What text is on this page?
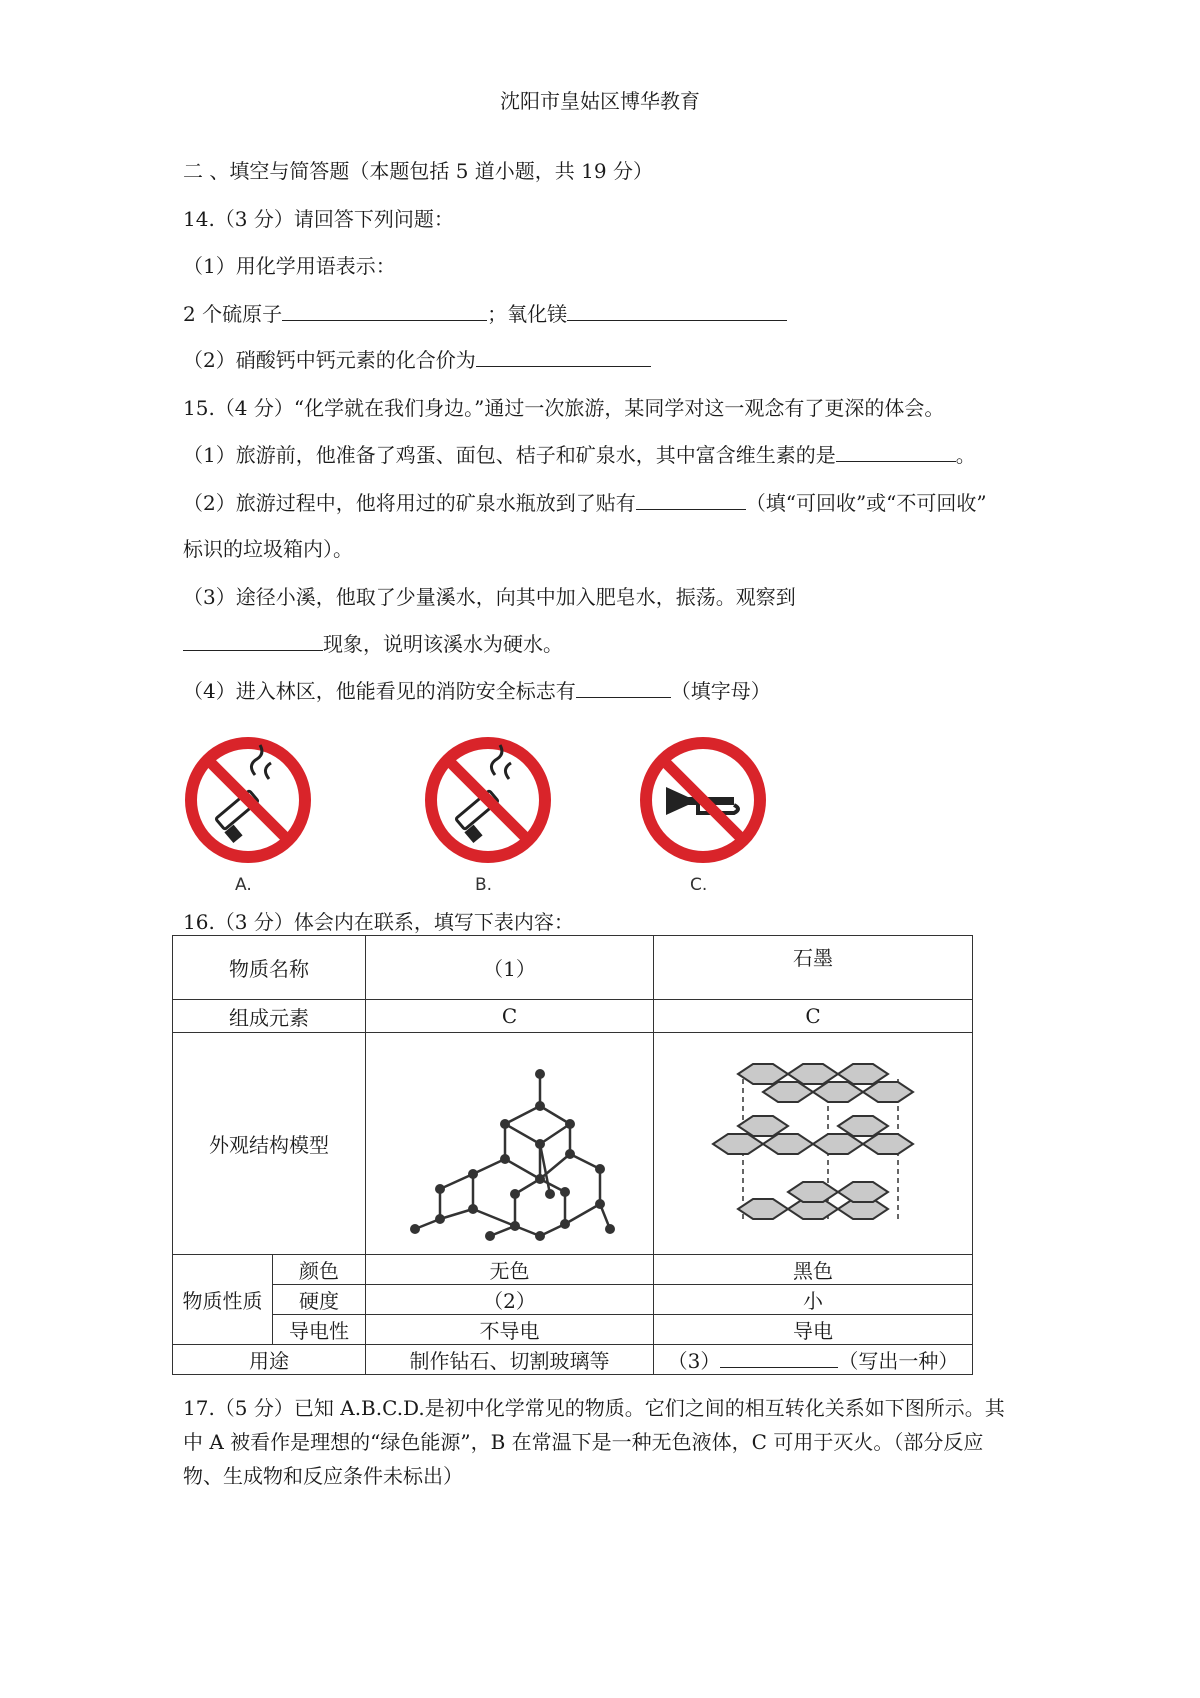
沈阳市皇姑区博华教育
二 、填空与简答题（本题包括 5 道小题，共 19 分）
14.（3 分）请回答下列问题：
（1）用化学用语表示：
2 个硫原子	；氧化镁
（2）硝酸钙中钙元素的化合价为
15.（4 分）“化学就在我们身边。”通过一次旅游，某同学对这一观念有了更深的体会。
（1）旅游前，他准备了鸡蛋、面包、桔子和矿泉水，其中富含维生素的是	。
（2）旅游过程中，他将用过的矿泉水瓶放到了贴有	（填“可回收”或“不可回收”
标识的垃圾箱内）。
（3）途径小溪，他取了少量溪水，向其中加入肥皂水，振荡。观察到
现象，说明该溪水为硬水。
（4）进入林区，他能看见的消防安全标志有	（填字母）
A.	B.	C.
16.（3 分）体会内在联系，填写下表内容：
物质名称		（1）	石墨
组成元素		C	C
外观结构模型	

物质性质	颜色	无色	黑色
	硬度	（2）	小
	导电性	不导电	导电
用途		制作钻石、切割玻璃等	（3） （写出一种）
17.（5 分）已知 A.B.C.D.是初中化学常见的物质。它们之间的相互转化关系如下图所示。其
中 A 被看作是理想的“绿色能源”，B 在常温下是一种无色液体，C 可用于灭火。（部分反应
物、生成物和反应条件未标出）
